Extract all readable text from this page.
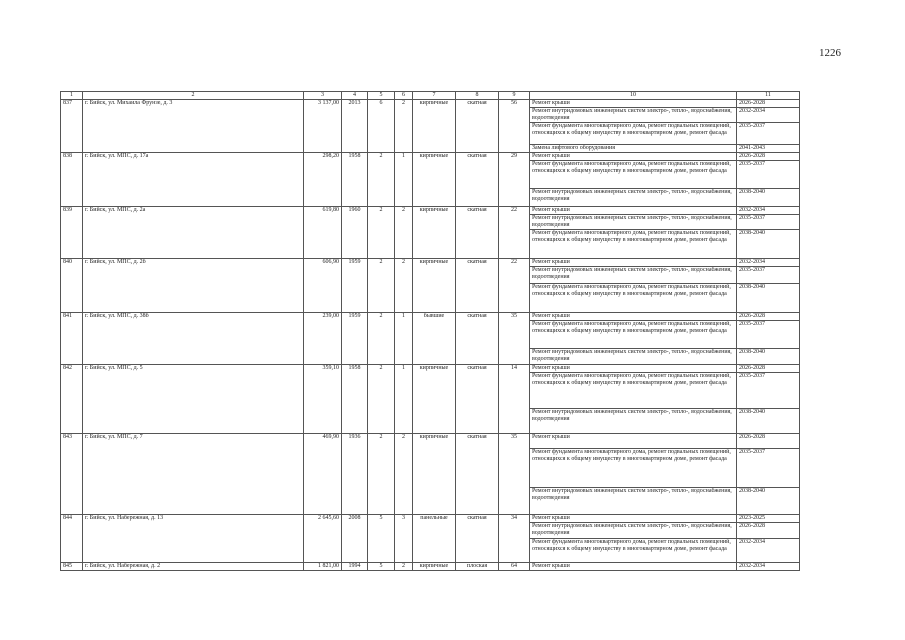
1226
1	2	3	4	5	6	7	8	9	10	11
837	г. Бийск, ул. Михаила Фрунзе, д. 3	3 137,00	2013	6	2	кирпичные	скатная	56	Ремонт крыши	2026-2028
									Ремонт внутридомовых инженерных систем электро-, тепло-, водоснабжения, водоотведения	2032-2034
									Ремонт фундамента многоквартирного дома, ремонт подвальных помещений, относящихся к общему имуществу в многоквартирном доме, ремонт фасада	2035-2037
									Замена лифтового оборудования	2041-2043
838	г. Бийск, ул. МПС, д. 17а	298,20	1958	2	1	кирпичные	скатная	29	Ремонт крыши	2026-2028
									Ремонт фундамента многоквартирного дома, ремонт подвальных помещений, относящихся к общему имуществу в многоквартирном доме, ремонт фасада	2035-2037
									Ремонт внутридомовых инженерных систем электро-, тепло-, водоснабжения, водоотведения	2038-2040
839	г. Бийск, ул. МПС, д. 2а	619,80	1960	2	2	кирпичные	скатная	22	Ремонт крыши	2032-2034
									Ремонт внутридомовых инженерных систем электро-, тепло-, водоснабжения, водоотведения	2035-2037
									Ремонт фундамента многоквартирного дома, ремонт подвальных помещений, относящихся к общему имуществу в многоквартирном доме, ремонт фасада	2038-2040
840	г. Бийск, ул. МПС, д. 2б	606,90	1959	2	2	кирпичные	скатная	22	Ремонт крыши	2032-2034
									Ремонт внутридомовых инженерных систем электро-, тепло-, водоснабжения, водоотведения	2035-2037
									Ремонт фундамента многоквартирного дома, ремонт подвальных помещений, относящихся к общему имуществу в многоквартирном доме, ремонт фасада	2038-2040
841	г. Бийск, ул. МПС, д. 38б	239,00	1959	2	1	бывшие	скатная	35	Ремонт крыши	2026-2028
									Ремонт фундамента многоквартирного дома, ремонт подвальных помещений, относящихся к общему имуществу в многоквартирном доме, ремонт фасада	2035-2037
									Ремонт внутридомовых инженерных систем электро-, тепло-, водоснабжения, водоотведения	2038-2040
842	г. Бийск, ул. МПС, д. 5	359,10	1958	2	1	кирпичные	скатная	14	Ремонт крыши	2026-2028
									Ремонт фундамента многоквартирного дома, ремонт подвальных помещений, относящихся к общему имуществу в многоквартирном доме, ремонт фасада	2035-2037
									Ремонт внутридомовых инженерных систем электро-, тепло-, водоснабжения, водоотведения	2038-2040
843	г. Бийск, ул. МПС, д. 7	469,90	1936	2	2	кирпичные	скатная	35	Ремонт крыши	2026-2028
									Ремонт фундамента многоквартирного дома, ремонт подвальных помещений, относящихся к общему имуществу в многоквартирном доме, ремонт фасада	2035-2037
									Ремонт внутридомовых инженерных систем электро-, тепло-, водоснабжения, водоотведения	2038-2040
844	г. Бийск, ул. Набережная, д. 13	2 645,60	2008	5	3	панельные	скатная	34	Ремонт крыши	2023-2025
									Ремонт внутридомовых инженерных систем электро-, тепло-, водоснабжения, водоотведения	2026-2028
									Ремонт фундамента многоквартирного дома, ремонт подвальных помещений, относящихся к общему имуществу в многоквартирном доме, ремонт фасада	2032-2034
845	г. Бийск, ул. Набережная, д. 2	1 821,00	1994	5	2	кирпичные	плоская	64	Ремонт крыши	2032-2034
